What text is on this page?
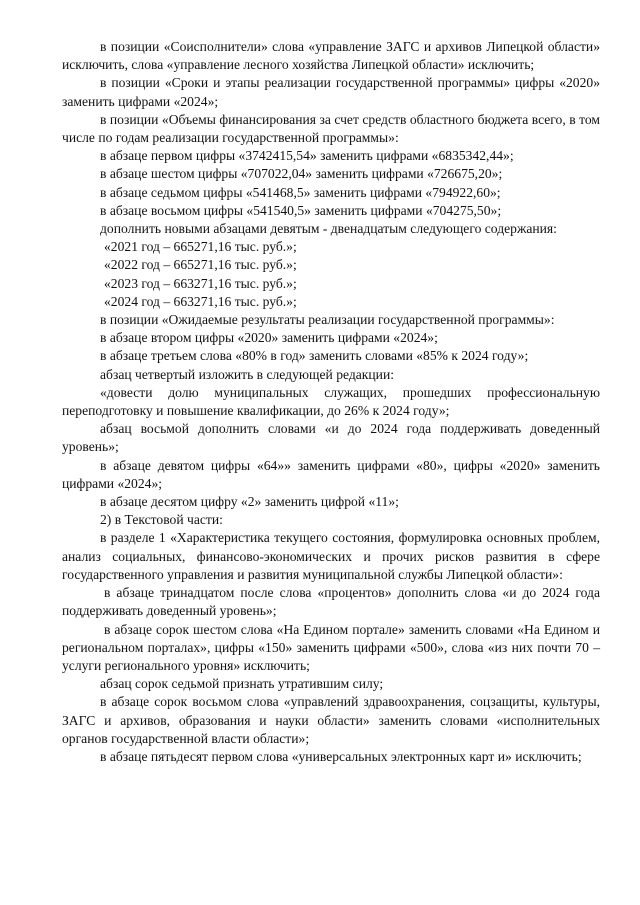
в позиции «Соисполнители» слова «управление ЗАГС и архивов Липецкой области» исключить, слова «управление лесного хозяйства Липецкой области» исключить;

в позиции «Сроки и этапы реализации государственной программы» цифры «2020» заменить цифрами «2024»;

в позиции «Объемы финансирования за счет средств областного бюджета всего, в том числе по годам реализации государственной программы»:

в абзаце первом цифры «3742415,54» заменить цифрами «6835342,44»;

в абзаце шестом цифры «707022,04» заменить цифрами «726675,20»;

в абзаце седьмом цифры «541468,5» заменить цифрами «794922,60»;

в абзаце восьмом цифры «541540,5» заменить цифрами «704275,50»;

дополнить новыми абзацами девятым - двенадцатым следующего содержания:

«2021 год – 665271,16 тыс. руб.»;

«2022 год – 665271,16 тыс. руб.»;

«2023 год – 663271,16 тыс. руб.»;

«2024 год – 663271,16 тыс. руб.»;

в позиции «Ожидаемые результаты реализации государственной программы»:

в абзаце втором цифры «2020» заменить цифрами «2024»;

в абзаце третьем слова «80% в год» заменить словами «85% к 2024 году»;

абзац четвертый изложить в следующей редакции:

«довести долю муниципальных служащих, прошедших профессиональную переподготовку и повышение квалификации, до 26% к 2024 году»;

абзац восьмой дополнить словами «и до 2024 года поддерживать доведенный уровень»;

в абзаце девятом цифры «64»» заменить цифрами «80», цифры «2020» заменить цифрами «2024»;

в абзаце десятом цифру «2» заменить цифрой «11»;

2) в Текстовой части:

в разделе 1 «Характеристика текущего состояния, формулировка основных проблем, анализ социальных, финансово-экономических и прочих рисков развития в сфере государственного управления и развития муниципальной службы Липецкой области»:

в абзаце тринадцатом после слова «процентов» дополнить слова «и до 2024 года поддерживать доведенный уровень»;

в абзаце сорок шестом слова «На Едином портале» заменить словами «На Едином и региональном порталах», цифры «150» заменить цифрами «500», слова «из них почти 70 – услуги регионального уровня» исключить;

абзац сорок седьмой признать утратившим силу;

в абзаце сорок восьмом слова «управлений здравоохранения, соцзащиты, культуры, ЗАГС и архивов, образования и науки области» заменить словами «исполнительных органов государственной власти области»;

в абзаце пятьдесят первом слова «универсальных электронных карт и» исключить;
